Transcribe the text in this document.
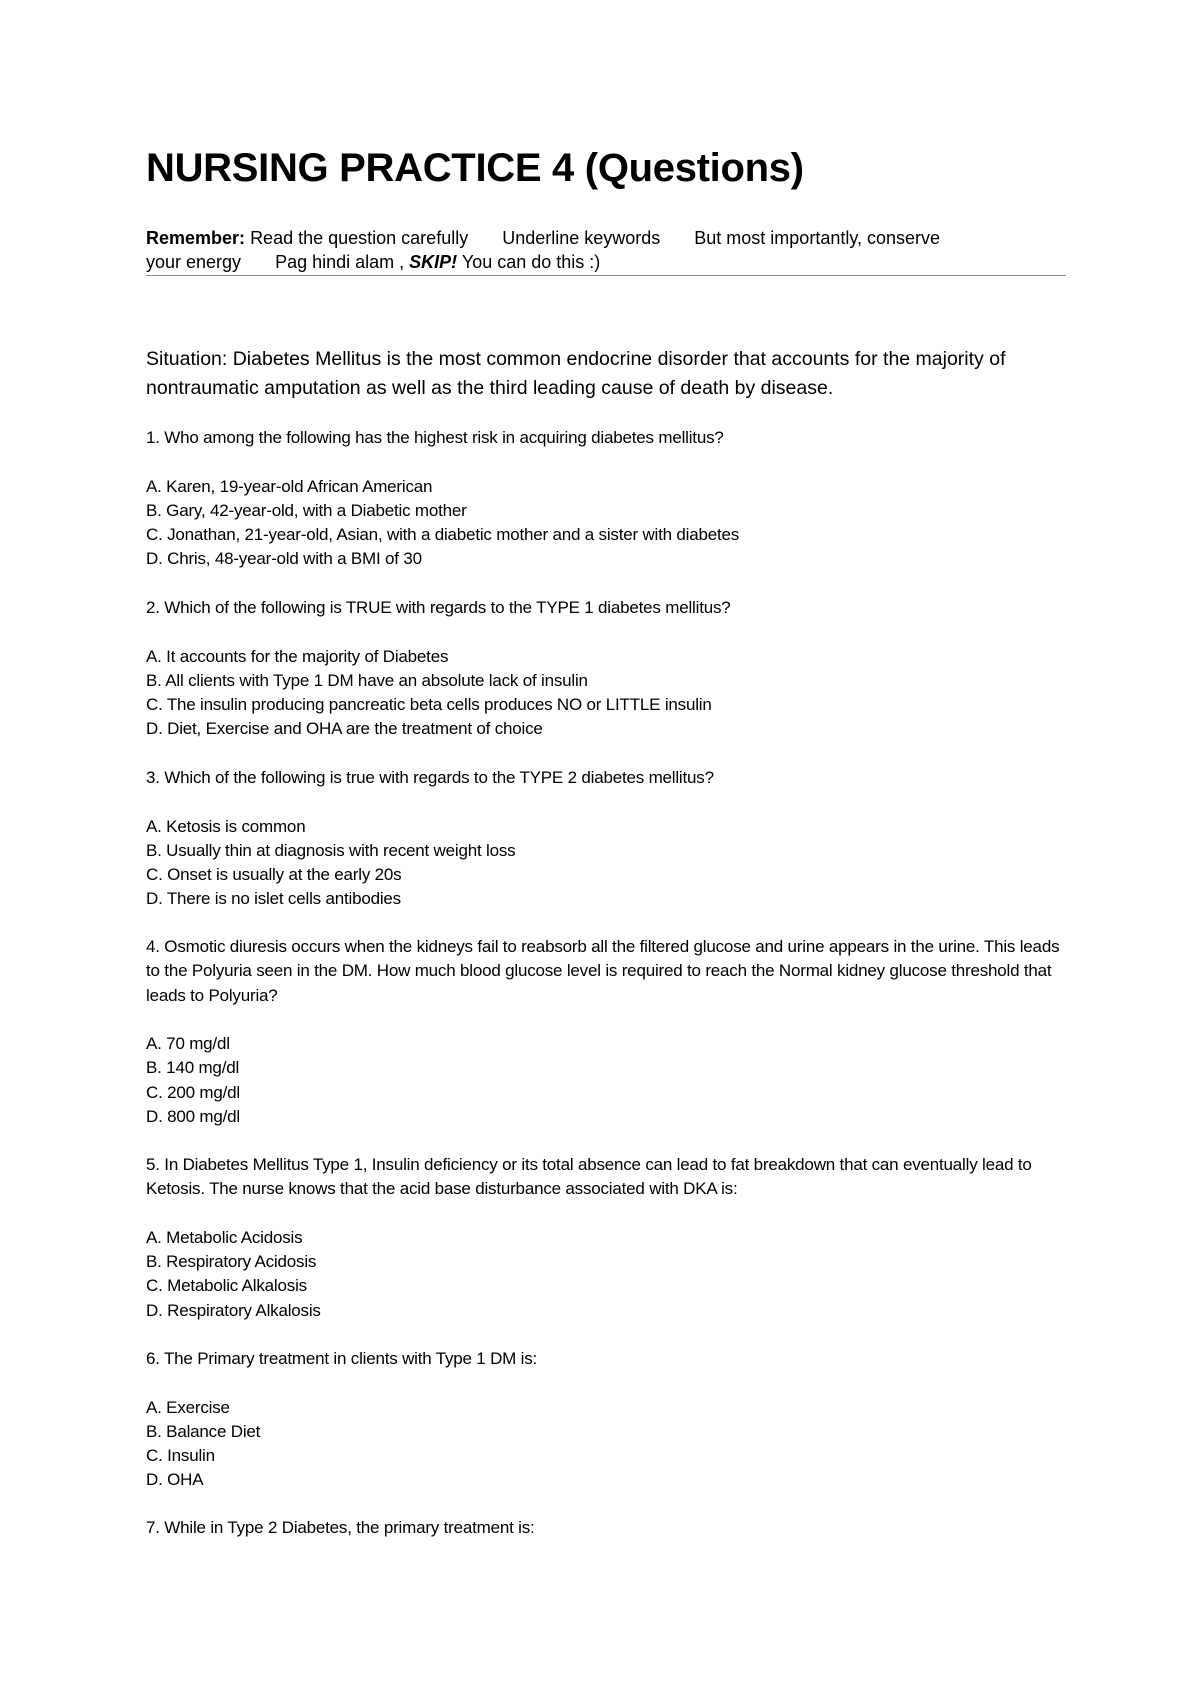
NURSING PRACTICE 4 (Questions)
Remember: Read the question carefully Underline keywords But most importantly, conserve
your energy Pag hindi alam , SKIP! You can do this :)

Situation: Diabetes Mellitus is the most common endocrine disorder that accounts for the majority of nontraumatic amputation as well as the third leading cause of death by disease.

1. Who among the following has the highest risk in acquiring diabetes mellitus?

A. Karen, 19-year-old African American
B. Gary, 42-year-old, with a Diabetic mother
C. Jonathan, 21-year-old, Asian, with a diabetic mother and a sister with diabetes
D. Chris, 48-year-old with a BMI of 30

2. Which of the following is TRUE with regards to the TYPE 1 diabetes mellitus?

A. It accounts for the majority of Diabetes
B. All clients with Type 1 DM have an absolute lack of insulin
C. The insulin producing pancreatic beta cells produces NO or LITTLE insulin
D. Diet, Exercise and OHA are the treatment of choice

3. Which of the following is true with regards to the TYPE 2 diabetes mellitus?

A. Ketosis is common
B. Usually thin at diagnosis with recent weight loss
C. Onset is usually at the early 20s
D. There is no islet cells antibodies

4. Osmotic diuresis occurs when the kidneys fail to reabsorb all the filtered glucose and urine appears in the urine. This leads to the Polyuria seen in the DM. How much blood glucose level is required to reach the Normal kidney glucose threshold that leads to Polyuria?

A. 70 mg/dl
B. 140 mg/dl
C. 200 mg/dl
D. 800 mg/dl

5. In Diabetes Mellitus Type 1, Insulin deficiency or its total absence can lead to fat breakdown that can eventually lead to Ketosis. The nurse knows that the acid base disturbance associated with DKA is:

A. Metabolic Acidosis
B. Respiratory Acidosis
C. Metabolic Alkalosis
D. Respiratory Alkalosis

6. The Primary treatment in clients with Type 1 DM is:

A. Exercise
B. Balance Diet
C. Insulin
D. OHA

7. While in Type 2 Diabetes, the primary treatment is:
